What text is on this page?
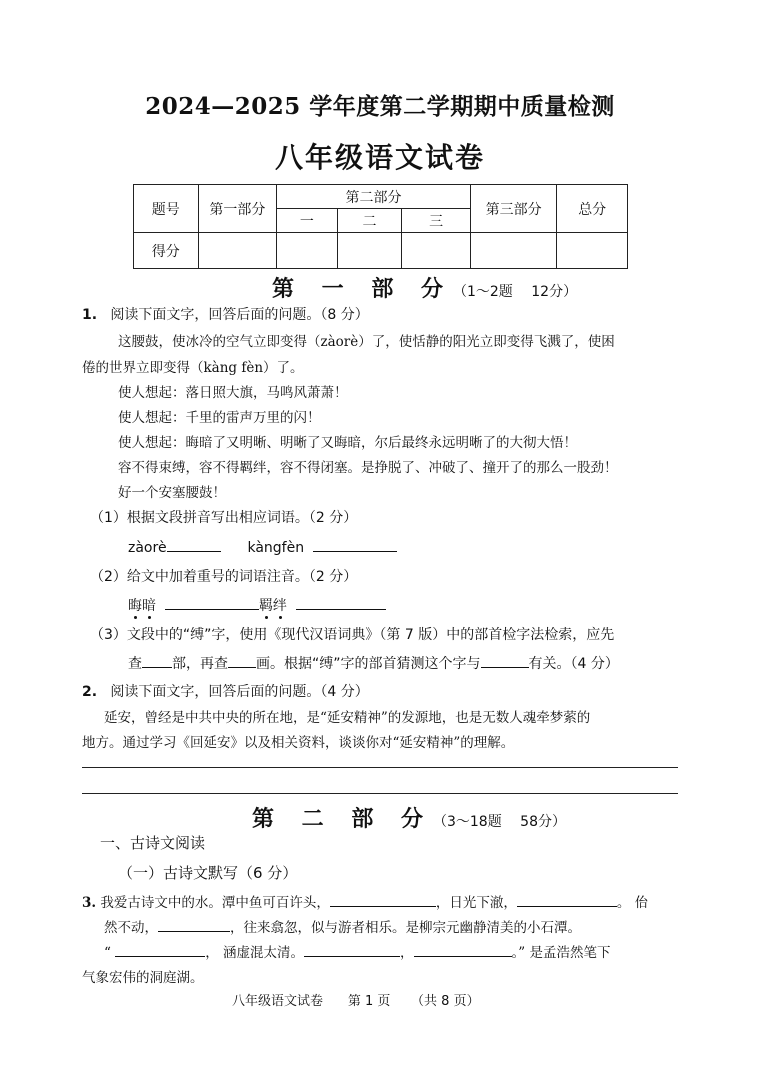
2024—2025 学年度第二学期期中质量检测
八年级语文试卷
题号	第一部分	第二部分			第三部分	总分
		一	二	三		
得分						
第 一 部 分（1～2题　 12分）
1. 阅读下面文字，回答后面的问题。（8 分）
这腰鼓，使冰冷的空气立即变得（zàorè）了，使恬静的阳光立即变得飞溅了，使困
倦的世界立即变得（kàng fèn）了。
使人想起：落日照大旗，马鸣风萧萧！
使人想起：千里的雷声万里的闪！
使人想起：晦暗了又明晰、明晰了又晦暗，尔后最终永远明晰了的大彻大悟！
容不得束缚，容不得羁绊，容不得闭塞。是挣脱了、冲破了、撞开了的那么一股劲！
好一个安塞腰鼓！
（1）根据文段拼音写出相应词语。（2 分）
zàorè	kàngfèn
（2）给文中加着重号的词语注音。（2 分）
晦暗	羁绊
（3）文段中的“缚”字，使用《现代汉语词典》（第 7 版）中的部首检字法检索，应先
查 部，再查 画。根据“缚”字的部首猜测这个字与	有关。（4 分）
2. 阅读下面文字，回答后面的问题。（4 分）
延安，曾经是中共中央的所在地，是“延安精神”的发源地，也是无数人魂牵梦萦的
地方。通过学习《回延安》以及相关资料，谈谈你对“延安精神”的理解。
第 二 部 分（3～18题　 58分）
一、古诗文阅读
（一）古诗文默写（6 分）
3. 我爱古诗文中的水。潭中鱼可百许头，	，日光下澈，	。 佁
然不动，	，往来翕忽，似与游者相乐。是柳宗元幽静清美的小石潭。
“	， 涵虚混太清。	，	。” 是孟浩然笔下
气象宏伟的洞庭湖。
八年级语文试卷 第 1 页 （共 8 页）
